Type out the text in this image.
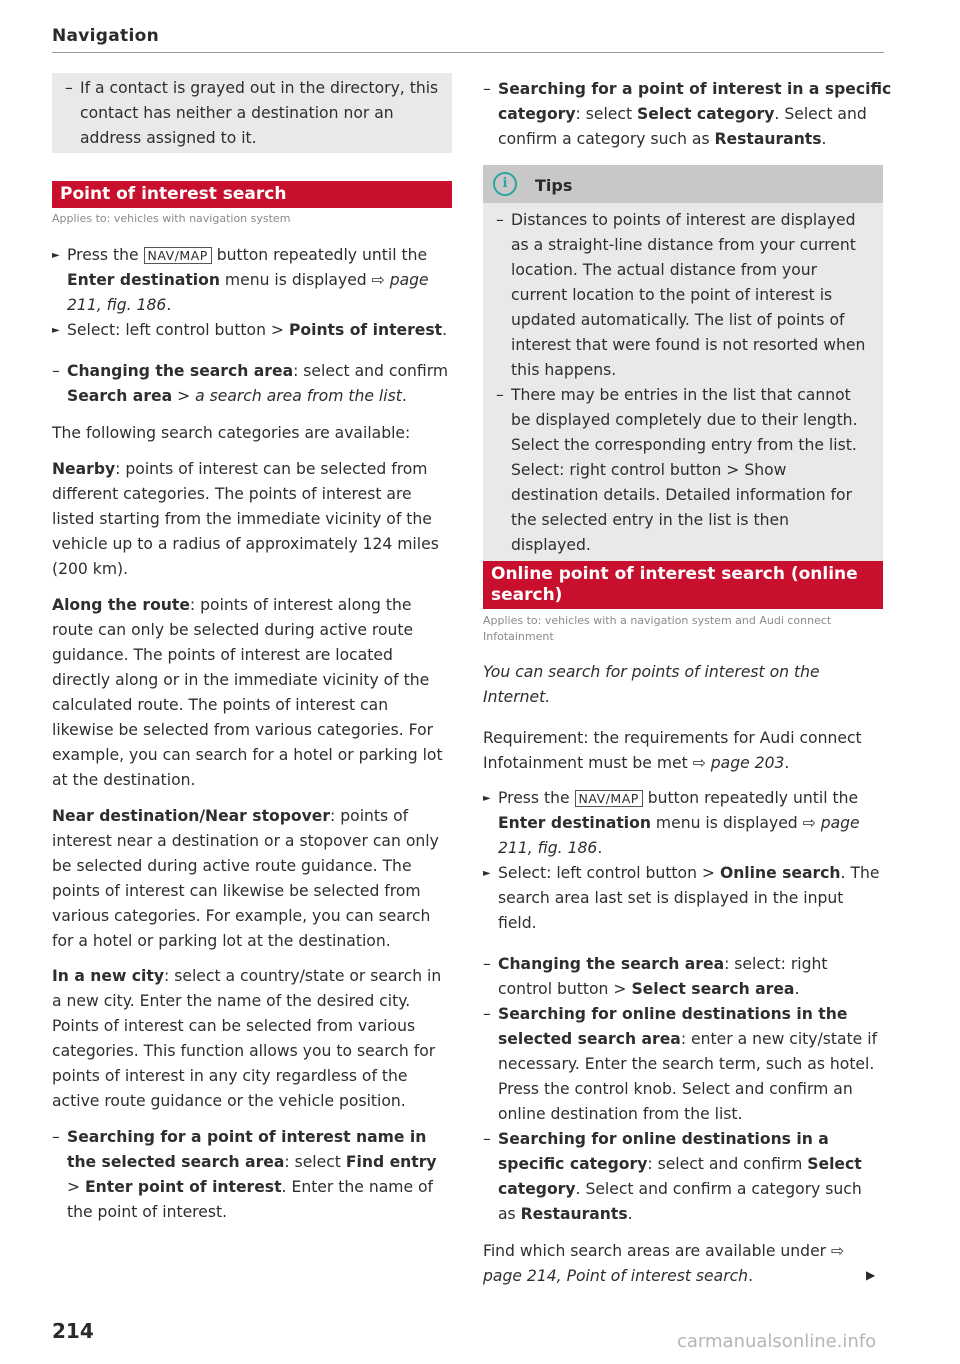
Navigation

– If a contact is grayed out in the directory, this contact has neither a destination nor an address assigned to it.

Point of interest search
Applies to: vehicles with navigation system

► Press the NAV/MAP button repeatedly until the Enter destination menu is displayed ⇨ page 211, fig. 186.

► Select: left control button > Points of interest.

– Changing the search area: select and confirm Search area > a search area from the list.

The following search categories are available:

Nearby: points of interest can be selected from different categories. The points of interest are listed starting from the immediate vicinity of the vehicle up to a radius of approximately 124 miles (200 km).

Along the route: points of interest along the route can only be selected during active route guidance. The points of interest are located directly along or in the immediate vicinity of the calculated route. The points of interest can likewise be selected from various categories. For example, you can search for a hotel or parking lot at the destination.

Near destination/Near stopover: points of interest near a destination or a stopover can only be selected during active route guidance. The points of interest can likewise be selected from various categories. For example, you can search for a hotel or parking lot at the destination.

In a new city: select a country/state or search in a new city. Enter the name of the desired city. Points of interest can be selected from various categories. This function allows you to search for points of interest in any city regardless of the active route guidance or the vehicle position.

– Searching for a point of interest name in the selected search area: select Find entry > Enter point of interest. Enter the name of the point of interest.

– Searching for a point of interest in a specific category: select Select category. Select and confirm a category such as Restaurants.

i	Tips

– Distances to points of interest are displayed as a straight-line distance from your current location. The actual distance from your current location to the point of interest is updated automatically. The list of points of interest that were found is not resorted when this happens.

– There may be entries in the list that cannot be displayed completely due to their length. Select the corresponding entry from the list. Select: right control button > Show destination details. Detailed information for the selected entry in the list is then displayed.

Online point of interest search (online search)
Applies to: vehicles with a navigation system and Audi connect Infotainment

You can search for points of interest on the Internet.

Requirement: the requirements for Audi connect Infotainment must be met ⇨ page 203.

► Press the NAV/MAP button repeatedly until the Enter destination menu is displayed ⇨ page 211, fig. 186.

► Select: left control button > Online search. The search area last set is displayed in the input field.

– Changing the search area: select: right control button > Select search area.

– Searching for online destinations in the selected search area: enter a new city/state if necessary. Enter the search term, such as hotel. Press the control knob. Select and confirm an online destination from the list.

– Searching for online destinations in a specific category: select and confirm Select category. Select and confirm a category such as Restaurants.

Find which search areas are available under ⇨ page 214, Point of interest search.	▶
214	carmanualsonline.info
